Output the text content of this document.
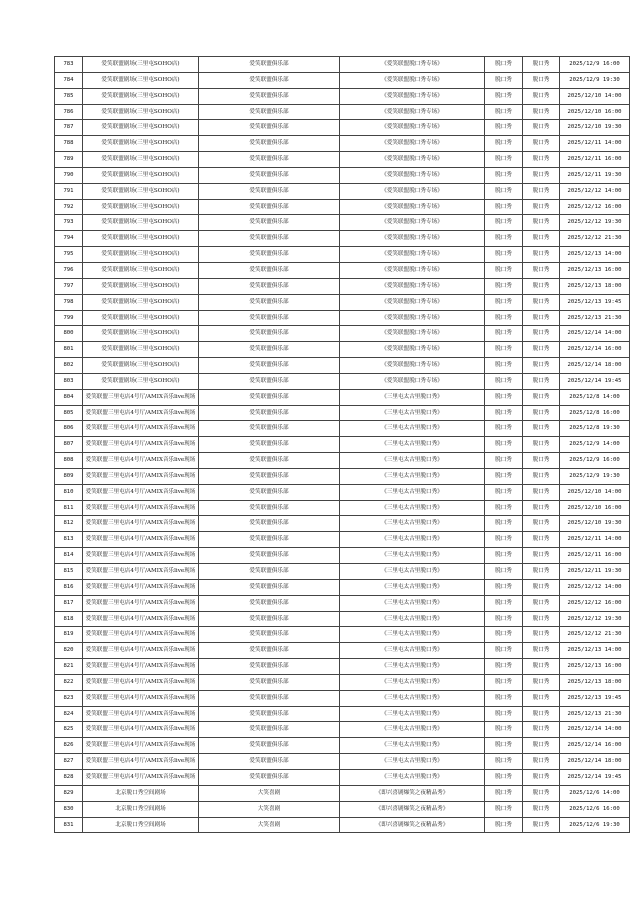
783	爱笑联盟剧场(三里屯SOHO店)	爱笑联盟俱乐部	《爱笑联盟脱口秀专场》	脱口秀	脱口秀	2025/12/9 16:00
784	爱笑联盟剧场(三里屯SOHO店)	爱笑联盟俱乐部	《爱笑联盟脱口秀专场》	脱口秀	脱口秀	2025/12/9 19:30
785	爱笑联盟剧场(三里屯SOHO店)	爱笑联盟俱乐部	《爱笑联盟脱口秀专场》	脱口秀	脱口秀	2025/12/10 14:00
786	爱笑联盟剧场(三里屯SOHO店)	爱笑联盟俱乐部	《爱笑联盟脱口秀专场》	脱口秀	脱口秀	2025/12/10 16:00
787	爱笑联盟剧场(三里屯SOHO店)	爱笑联盟俱乐部	《爱笑联盟脱口秀专场》	脱口秀	脱口秀	2025/12/10 19:30
788	爱笑联盟剧场(三里屯SOHO店)	爱笑联盟俱乐部	《爱笑联盟脱口秀专场》	脱口秀	脱口秀	2025/12/11 14:00
789	爱笑联盟剧场(三里屯SOHO店)	爱笑联盟俱乐部	《爱笑联盟脱口秀专场》	脱口秀	脱口秀	2025/12/11 16:00
790	爱笑联盟剧场(三里屯SOHO店)	爱笑联盟俱乐部	《爱笑联盟脱口秀专场》	脱口秀	脱口秀	2025/12/11 19:30
791	爱笑联盟剧场(三里屯SOHO店)	爱笑联盟俱乐部	《爱笑联盟脱口秀专场》	脱口秀	脱口秀	2025/12/12 14:00
792	爱笑联盟剧场(三里屯SOHO店)	爱笑联盟俱乐部	《爱笑联盟脱口秀专场》	脱口秀	脱口秀	2025/12/12 16:00
793	爱笑联盟剧场(三里屯SOHO店)	爱笑联盟俱乐部	《爱笑联盟脱口秀专场》	脱口秀	脱口秀	2025/12/12 19:30
794	爱笑联盟剧场(三里屯SOHO店)	爱笑联盟俱乐部	《爱笑联盟脱口秀专场》	脱口秀	脱口秀	2025/12/12 21:30
795	爱笑联盟剧场(三里屯SOHO店)	爱笑联盟俱乐部	《爱笑联盟脱口秀专场》	脱口秀	脱口秀	2025/12/13 14:00
796	爱笑联盟剧场(三里屯SOHO店)	爱笑联盟俱乐部	《爱笑联盟脱口秀专场》	脱口秀	脱口秀	2025/12/13 16:00
797	爱笑联盟剧场(三里屯SOHO店)	爱笑联盟俱乐部	《爱笑联盟脱口秀专场》	脱口秀	脱口秀	2025/12/13 18:00
798	爱笑联盟剧场(三里屯SOHO店)	爱笑联盟俱乐部	《爱笑联盟脱口秀专场》	脱口秀	脱口秀	2025/12/13 19:45
799	爱笑联盟剧场(三里屯SOHO店)	爱笑联盟俱乐部	《爱笑联盟脱口秀专场》	脱口秀	脱口秀	2025/12/13 21:30
800	爱笑联盟剧场(三里屯SOHO店)	爱笑联盟俱乐部	《爱笑联盟脱口秀专场》	脱口秀	脱口秀	2025/12/14 14:00
801	爱笑联盟剧场(三里屯SOHO店)	爱笑联盟俱乐部	《爱笑联盟脱口秀专场》	脱口秀	脱口秀	2025/12/14 16:00
802	爱笑联盟剧场(三里屯SOHO店)	爱笑联盟俱乐部	《爱笑联盟脱口秀专场》	脱口秀	脱口秀	2025/12/14 18:00
803	爱笑联盟剧场(三里屯SOHO店)	爱笑联盟俱乐部	《爱笑联盟脱口秀专场》	脱口秀	脱口秀	2025/12/14 19:45
804	爱笑联盟三里屯店4号厅/AMIX音乐live现场	爱笑联盟俱乐部	《三里屯太古里脱口秀》	脱口秀	脱口秀	2025/12/8 14:00
805	爱笑联盟三里屯店4号厅/AMIX音乐live现场	爱笑联盟俱乐部	《三里屯太古里脱口秀》	脱口秀	脱口秀	2025/12/8 16:00
806	爱笑联盟三里屯店4号厅/AMIX音乐live现场	爱笑联盟俱乐部	《三里屯太古里脱口秀》	脱口秀	脱口秀	2025/12/8 19:30
807	爱笑联盟三里屯店4号厅/AMIX音乐live现场	爱笑联盟俱乐部	《三里屯太古里脱口秀》	脱口秀	脱口秀	2025/12/9 14:00
808	爱笑联盟三里屯店4号厅/AMIX音乐live现场	爱笑联盟俱乐部	《三里屯太古里脱口秀》	脱口秀	脱口秀	2025/12/9 16:00
809	爱笑联盟三里屯店4号厅/AMIX音乐live现场	爱笑联盟俱乐部	《三里屯太古里脱口秀》	脱口秀	脱口秀	2025/12/9 19:30
810	爱笑联盟三里屯店4号厅/AMIX音乐live现场	爱笑联盟俱乐部	《三里屯太古里脱口秀》	脱口秀	脱口秀	2025/12/10 14:00
811	爱笑联盟三里屯店4号厅/AMIX音乐live现场	爱笑联盟俱乐部	《三里屯太古里脱口秀》	脱口秀	脱口秀	2025/12/10 16:00
812	爱笑联盟三里屯店4号厅/AMIX音乐live现场	爱笑联盟俱乐部	《三里屯太古里脱口秀》	脱口秀	脱口秀	2025/12/10 19:30
813	爱笑联盟三里屯店4号厅/AMIX音乐live现场	爱笑联盟俱乐部	《三里屯太古里脱口秀》	脱口秀	脱口秀	2025/12/11 14:00
814	爱笑联盟三里屯店4号厅/AMIX音乐live现场	爱笑联盟俱乐部	《三里屯太古里脱口秀》	脱口秀	脱口秀	2025/12/11 16:00
815	爱笑联盟三里屯店4号厅/AMIX音乐live现场	爱笑联盟俱乐部	《三里屯太古里脱口秀》	脱口秀	脱口秀	2025/12/11 19:30
816	爱笑联盟三里屯店4号厅/AMIX音乐live现场	爱笑联盟俱乐部	《三里屯太古里脱口秀》	脱口秀	脱口秀	2025/12/12 14:00
817	爱笑联盟三里屯店4号厅/AMIX音乐live现场	爱笑联盟俱乐部	《三里屯太古里脱口秀》	脱口秀	脱口秀	2025/12/12 16:00
818	爱笑联盟三里屯店4号厅/AMIX音乐live现场	爱笑联盟俱乐部	《三里屯太古里脱口秀》	脱口秀	脱口秀	2025/12/12 19:30
819	爱笑联盟三里屯店4号厅/AMIX音乐live现场	爱笑联盟俱乐部	《三里屯太古里脱口秀》	脱口秀	脱口秀	2025/12/12 21:30
820	爱笑联盟三里屯店4号厅/AMIX音乐live现场	爱笑联盟俱乐部	《三里屯太古里脱口秀》	脱口秀	脱口秀	2025/12/13 14:00
821	爱笑联盟三里屯店4号厅/AMIX音乐live现场	爱笑联盟俱乐部	《三里屯太古里脱口秀》	脱口秀	脱口秀	2025/12/13 16:00
822	爱笑联盟三里屯店4号厅/AMIX音乐live现场	爱笑联盟俱乐部	《三里屯太古里脱口秀》	脱口秀	脱口秀	2025/12/13 18:00
823	爱笑联盟三里屯店4号厅/AMIX音乐live现场	爱笑联盟俱乐部	《三里屯太古里脱口秀》	脱口秀	脱口秀	2025/12/13 19:45
824	爱笑联盟三里屯店4号厅/AMIX音乐live现场	爱笑联盟俱乐部	《三里屯太古里脱口秀》	脱口秀	脱口秀	2025/12/13 21:30
825	爱笑联盟三里屯店4号厅/AMIX音乐live现场	爱笑联盟俱乐部	《三里屯太古里脱口秀》	脱口秀	脱口秀	2025/12/14 14:00
826	爱笑联盟三里屯店4号厅/AMIX音乐live现场	爱笑联盟俱乐部	《三里屯太古里脱口秀》	脱口秀	脱口秀	2025/12/14 16:00
827	爱笑联盟三里屯店4号厅/AMIX音乐live现场	爱笑联盟俱乐部	《三里屯太古里脱口秀》	脱口秀	脱口秀	2025/12/14 18:00
828	爱笑联盟三里屯店4号厅/AMIX音乐live现场	爱笑联盟俱乐部	《三里屯太古里脱口秀》	脱口秀	脱口秀	2025/12/14 19:45
829	北京脱口秀空间剧场	大笑喜剧	《即兴喜剧爆笑之夜精品秀》	脱口秀	脱口秀	2025/12/6 14:00
830	北京脱口秀空间剧场	大笑喜剧	《即兴喜剧爆笑之夜精品秀》	脱口秀	脱口秀	2025/12/6 16:00
831	北京脱口秀空间剧场	大笑喜剧	《即兴喜剧爆笑之夜精品秀》	脱口秀	脱口秀	2025/12/6 19:30
